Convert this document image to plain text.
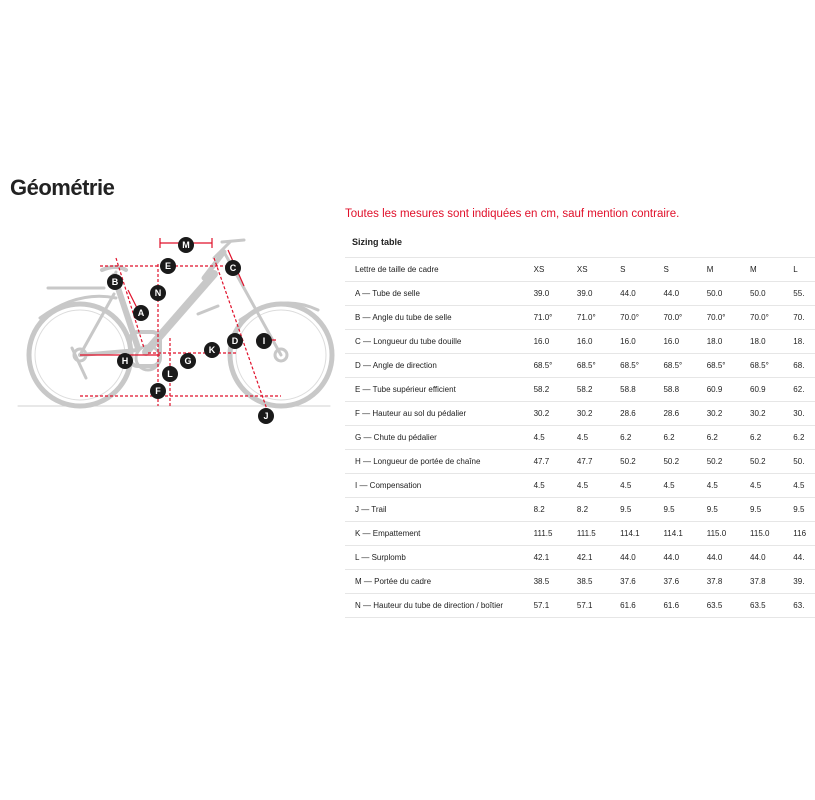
Géométrie
Toutes les mesures sont indiquées en cm, sauf mention contraire.
M
E	C
B
N
A
D	I
K
H	G
L
F
J
Sizing table
Lettre de taille de cadre	XS	XS	S	S	M	M	L
A — Tube de selle	39.0	39.0	44.0	44.0	50.0	50.0	55.
B — Angle du tube de selle	71.0°	71.0°	70.0°	70.0°	70.0°	70.0°	70.
C — Longueur du tube douille	16.0	16.0	16.0	16.0	18.0	18.0	18.
D — Angle de direction	68.5°	68.5°	68.5°	68.5°	68.5°	68.5°	68.
E — Tube supérieur efficient	58.2	58.2	58.8	58.8	60.9	60.9	62.
F — Hauteur au sol du pédalier	30.2	30.2	28.6	28.6	30.2	30.2	30.
G — Chute du pédalier	4.5	4.5	6.2	6.2	6.2	6.2	6.2
H — Longueur de portée de chaîne	47.7	47.7	50.2	50.2	50.2	50.2	50.
I — Compensation	4.5	4.5	4.5	4.5	4.5	4.5	4.5
J — Trail	8.2	8.2	9.5	9.5	9.5	9.5	9.5
K — Empattement	111.5	111.5	114.1	114.1	115.0	115.0	116
L — Surplomb	42.1	42.1	44.0	44.0	44.0	44.0	44.
M — Portée du cadre	38.5	38.5	37.6	37.6	37.8	37.8	39.
N — Hauteur du tube de direction / boîtier	57.1	57.1	61.6	61.6	63.5	63.5	63.
